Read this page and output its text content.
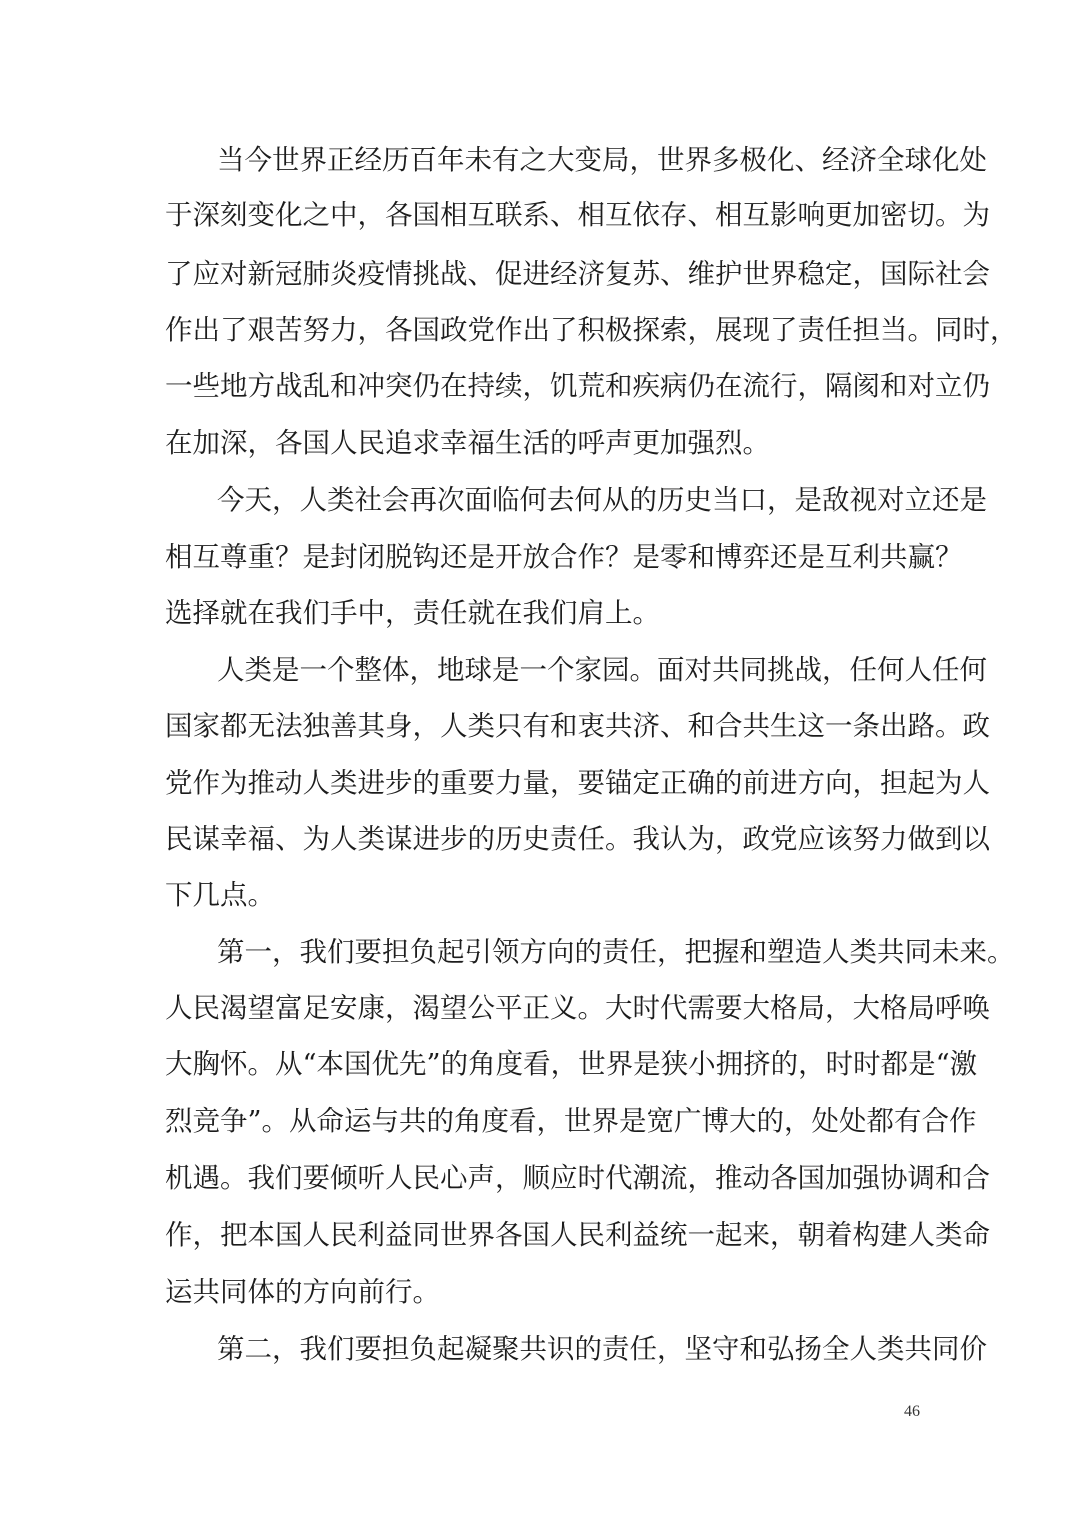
当今世界正经历百年未有之大变局，世界多极化、经济全球化处
于深刻变化之中，各国相互联系、相互依存、相互影响更加密切。为
了应对新冠肺炎疫情挑战、促进经济复苏、维护世界稳定，国际社会
作出了艰苦努力，各国政党作出了积极探索，展现了责任担当。同时，
一些地方战乱和冲突仍在持续，饥荒和疾病仍在流行，隔阂和对立仍
在加深，各国人民追求幸福生活的呼声更加强烈。
今天，人类社会再次面临何去何从的历史当口，是敌视对立还是
相互尊重？是封闭脱钩还是开放合作？是零和博弈还是互利共赢？
选择就在我们手中，责任就在我们肩上。
人类是一个整体，地球是一个家园。面对共同挑战，任何人任何
国家都无法独善其身，人类只有和衷共济、和合共生这一条出路。政
党作为推动人类进步的重要力量，要锚定正确的前进方向，担起为人
民谋幸福、为人类谋进步的历史责任。我认为，政党应该努力做到以
下几点。
第一，我们要担负起引领方向的责任，把握和塑造人类共同未来。
人民渴望富足安康，渴望公平正义。大时代需要大格局，大格局呼唤
大胸怀。从“本国优先”的角度看，世界是狭小拥挤的，时时都是“激
烈竞争”。从命运与共的角度看，世界是宽广博大的，处处都有合作
机遇。我们要倾听人民心声，顺应时代潮流，推动各国加强协调和合
作，把本国人民利益同世界各国人民利益统一起来，朝着构建人类命
运共同体的方向前行。
第二，我们要担负起凝聚共识的责任，坚守和弘扬全人类共同价
46
